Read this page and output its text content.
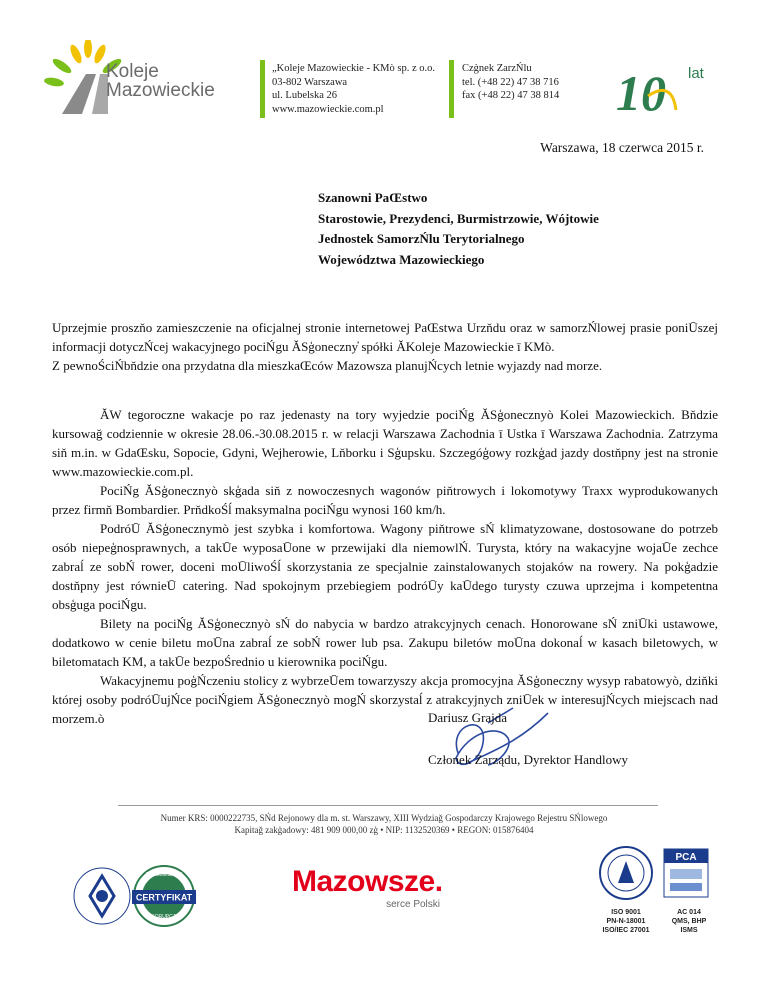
Koleje
Mazowieckie
„Koleje Mazowieckie - KMò sp. z o.o.
03-802 Warszawa
ul. Lubelska 26
www.mazowieckie.com.pl
Czġnek ZarzŃlu
tel. (+48 22) 47 38 716
fax (+48 22) 47 38 814 10 lat
Warszawa, 18 czerwca 2015 r.
Szanowni PaŒstwo
Starostowie, Prezydenci, Burmistrzowie, Wójtowie
Jednostek SamorzŃlu Terytorialnego
Województwa Mazowieckiego
Uprzejmie proszňo zamieszczenie na oficjalnej stronie internetowej PaŒstwa Urzňdu oraz w samorzŃlowej prasie poniŪszej informacji dotyczŃcej wakacyjnego pociŃgu ĂSģoneczny̓ spółki ĂKoleje Mazowieckie ī KMò.
Z pewnoŚciŃbňdzie ona przydatna dla mieszkaŒców Mazowsza planujŃcych letnie wyjazdy nad morze.

ĂW tegoroczne wakacje po raz jedenasty na tory wyjedzie pociŃg ĂSģonecznyò Kolei Mazowieckich. Bňdzie kursowağ codziennie w okresie 28.06.-30.08.2015 r. w relacji Warszawa Zachodnia ī Ustka ī Warszawa Zachodnia. Zatrzyma siň m.in. w GdaŒsku, Sopocie, Gdyni, Wejherowie, Lňborku i Sģupsku. Szczegóģowy rozkģad jazdy dostňpny jest na stronie www.mazowieckie.com.pl.

PociŃg ĂSģonecznyò skģada siň z nowoczesnych wagonów piňtrowych i lokomotywy Traxx wyprodukowanych przez firmň Bombardier. PrňdkoŚĺ maksymalna pociŃgu wynosi 160 km/h.

PodróŪ ĂSģonecznymò jest szybka i komfortowa. Wagony piňtrowe sŃ klimatyzowane, dostosowane do potrzeb osób niepeģnosprawnych, a takŪe wyposaŪone w przewijaki dla niemowlŃ. Turysta, który na wakacyjne wojaŪe zechce zabraĺ ze sobŃ rower, doceni moŪliwoŚĺ skorzystania ze specjalnie zainstalowanych stojaków na rowery. Na pokģadzie dostňpny jest równieŪ catering. Nad spokojnym przebiegiem podróŪy kaŪdego turysty czuwa uprzejma i kompetentna obsģuga pociŃgu.

Bilety na pociŃg ĂSģonecznyò sŃ do nabycia w bardzo atrakcyjnych cenach. Honorowane sŃ zniŪki ustawowe, dodatkowo w cenie biletu moŪna zabraĺ ze sobŃ rower lub psa. Zakupu biletów moŪna dokonaĺ w kasach biletowych, w biletomatach KM, a takŪe bezpoŚrednio u kierownika pociŃgu.

Wakacyjnemu poģŃczeniu stolicy z wybrzeŪem towarzyszy akcja promocyjna ĂSģoneczny wysyp rabatowyò, dziňki której osoby podróŪujŃce pociŃgiem ĂSģonecznyò mogŃ skorzystaĺ z atrakcyjnych zniŪek w interesujŃcych miejscach nad morzem.ò	Dariusz Grajda
Członek Zarządu, Dyrektor Handlowy
Numer KRS: 0000222735, SŃd Rejonowy dla m. st. Warszawy, XIII Wydziağ Gospodarczy Krajowego Rejestru SŃlowego
Kapitağ zakģadowy: 481 909 000,00 zģ • NIP: 1132520369 • REGON: 015876404
CERTYFIKAT
ZAPOBIEGAMY
KORUPCJI
Mazowsze.
serce Polski
PCA
ISO 9001
PN-N-18001
ISO/IEC 27001
AC 014
QMS, BHP
ISMS
